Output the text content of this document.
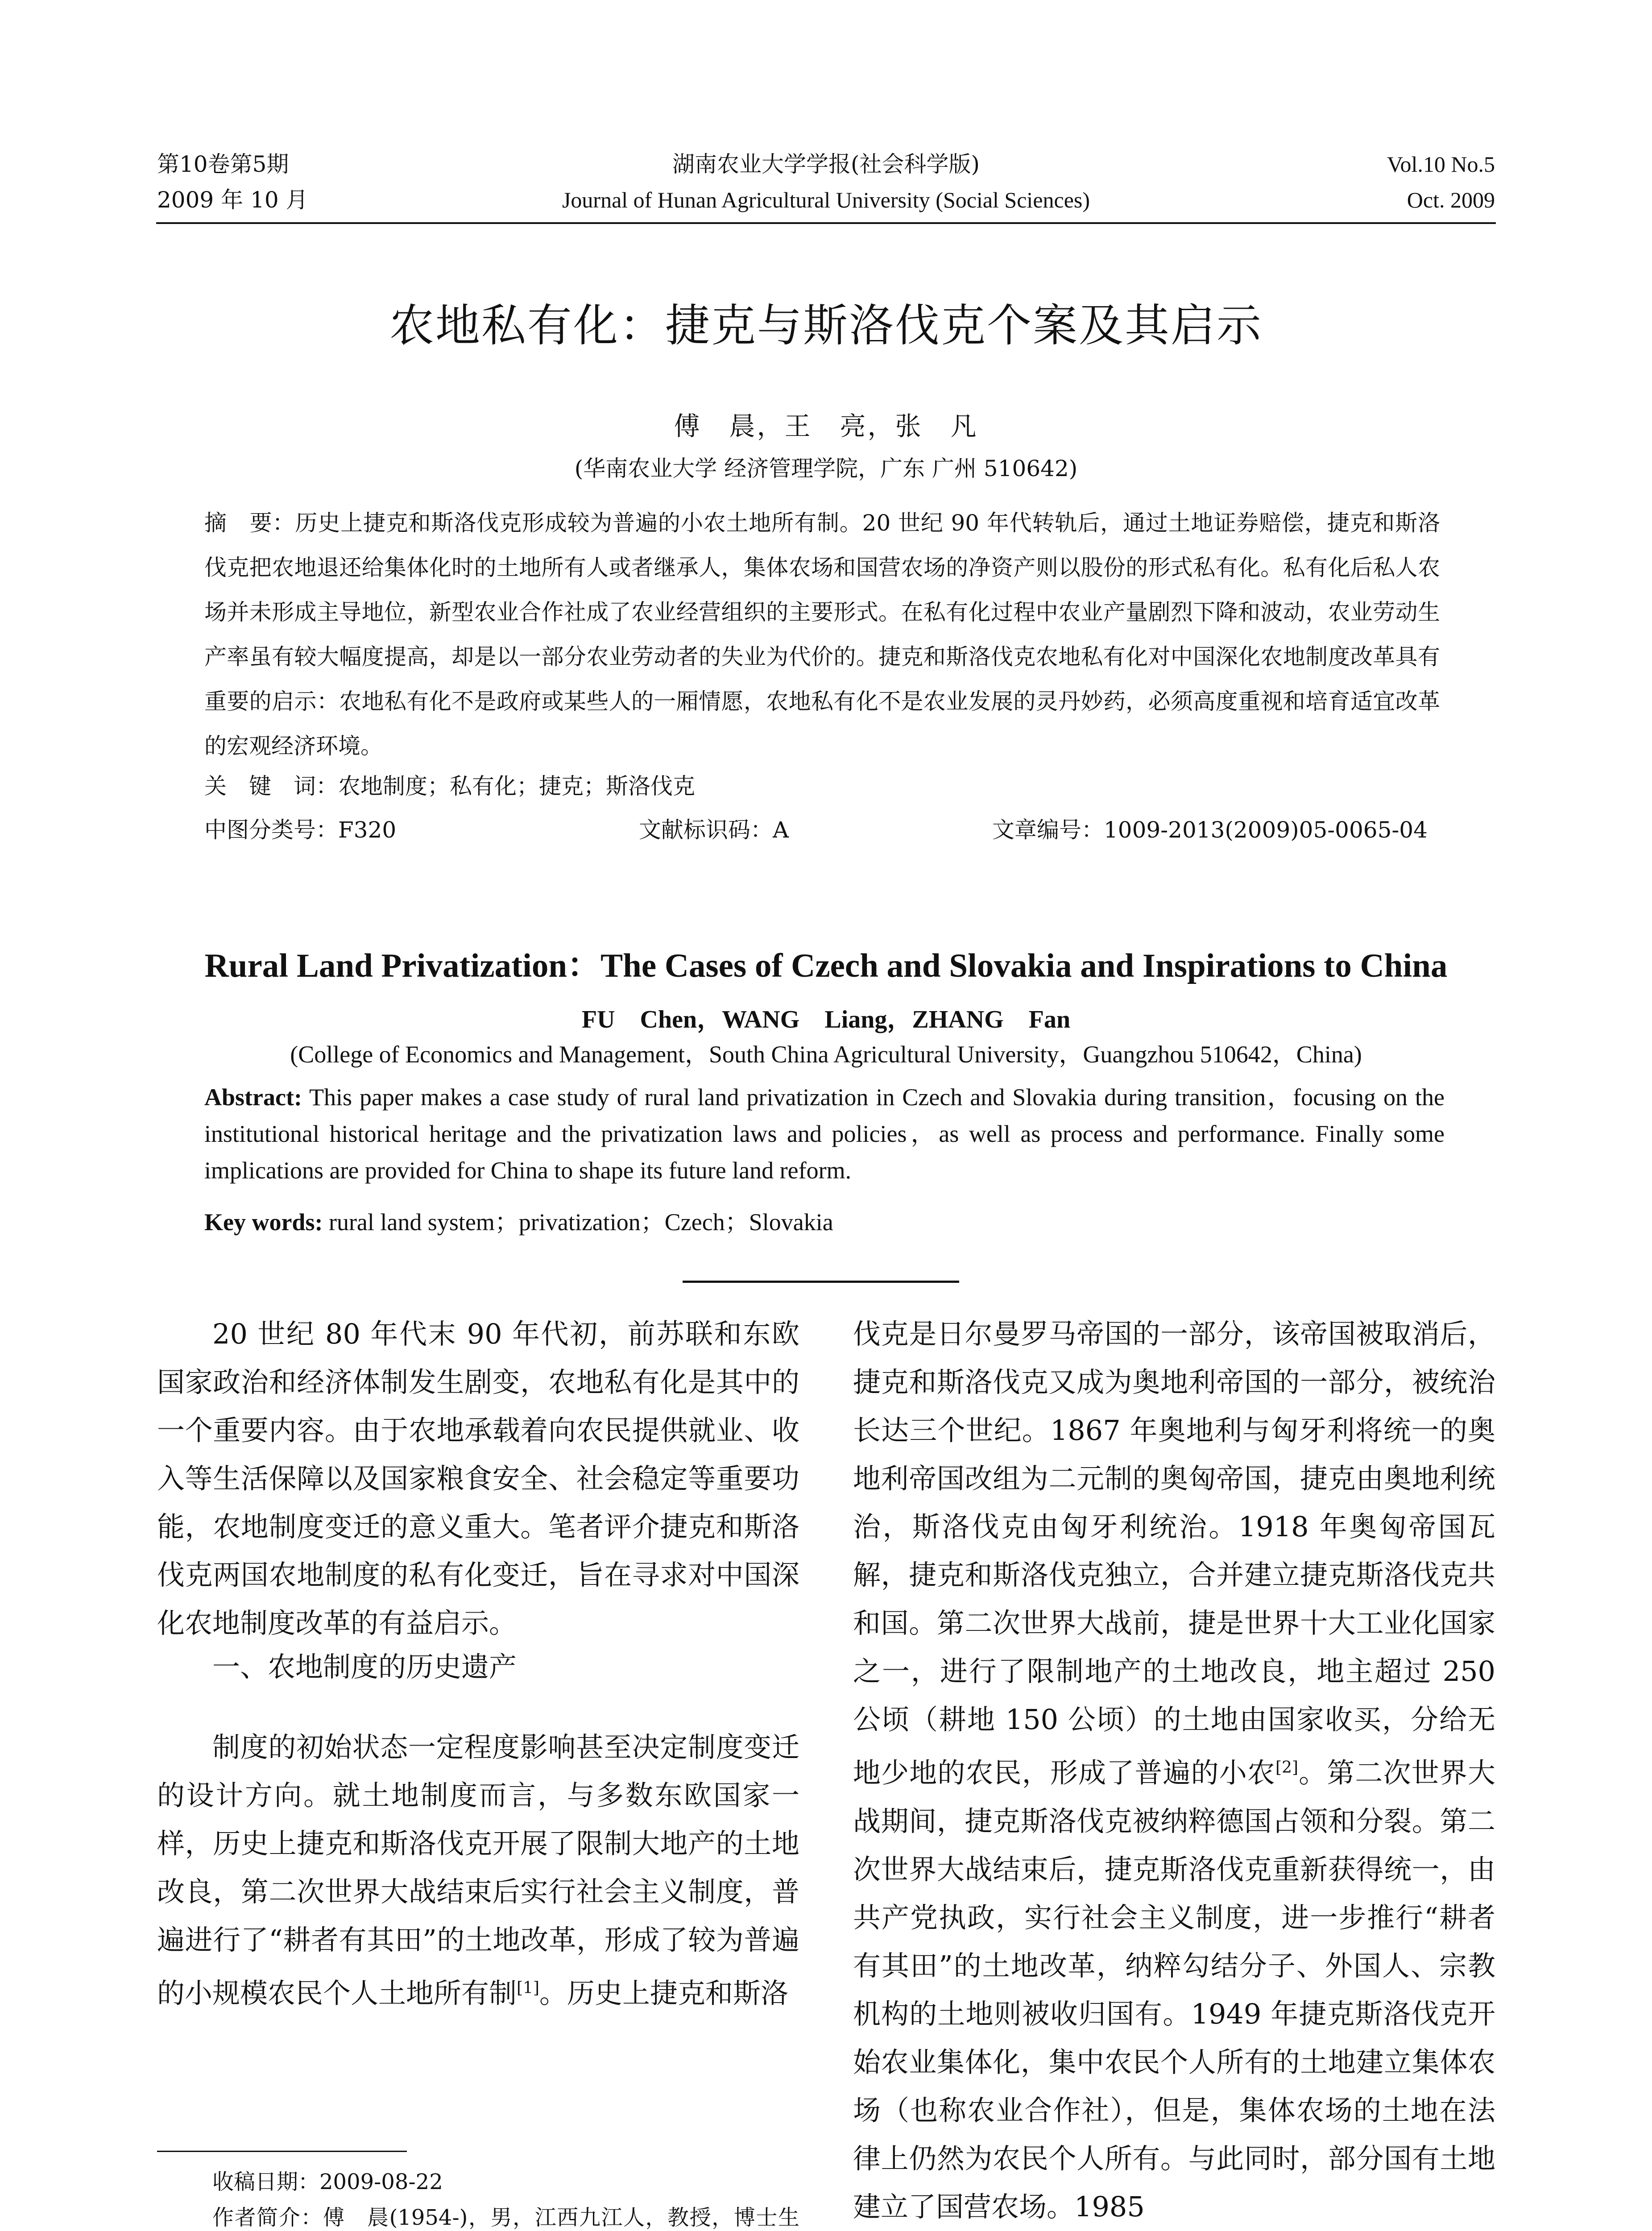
第10卷第5期
2009 年 10 月
湖南农业大学学报(社会科学版)
Journal of Hunan Agricultural University (Social Sciences)
Vol.10 No.5
Oct. 2009
农地私有化：捷克与斯洛伐克个案及其启示
傅　晨，王　亮，张　凡
(华南农业大学 经济管理学院，广东 广州 510642)
摘　要：历史上捷克和斯洛伐克形成较为普遍的小农土地所有制。20 世纪 90 年代转轨后，通过土地证券赔偿，捷克和斯洛伐克把农地退还给集体化时的土地所有人或者继承人，集体农场和国营农场的净资产则以股份的形式私有化。私有化后私人农场并未形成主导地位，新型农业合作社成了农业经营组织的主要形式。在私有化过程中农业产量剧烈下降和波动，农业劳动生产率虽有较大幅度提高，却是以一部分农业劳动者的失业为代价的。捷克和斯洛伐克农地私有化对中国深化农地制度改革具有重要的启示：农地私有化不是政府或某些人的一厢情愿，农地私有化不是农业发展的灵丹妙药，必须高度重视和培育适宜改革的宏观经济环境。
关　键　词：农地制度；私有化；捷克；斯洛伐克
中图分类号：F320	文献标识码：A	文章编号：1009-2013(2009)05-0065-04
Rural Land Privatization：The Cases of Czech and Slovakia and Inspirations to China
FU　Chen，WANG　Liang，ZHANG　Fan
(College of Economics and Management，South China Agricultural University，Guangzhou 510642，China)
Abstract: This paper makes a case study of rural land privatization in Czech and Slovakia during transition，focusing on the institutional historical heritage and the privatization laws and policies，as well as process and performance. Finally some implications are provided for China to shape its future land reform.
Key words: rural land system；privatization；Czech；Slovakia

20 世纪 80 年代末 90 年代初，前苏联和东欧国家政治和经济体制发生剧变，农地私有化是其中的一个重要内容。由于农地承载着向农民提供就业、收入等生活保障以及国家粮食安全、社会稳定等重要功能，农地制度变迁的意义重大。笔者评介捷克和斯洛伐克两国农地制度的私有化变迁，旨在寻求对中国深化农地制度改革的有益启示。

一、农地制度的历史遗产

制度的初始状态一定程度影响甚至决定制度变迁的设计方向。就土地制度而言，与多数东欧国家一样，历史上捷克和斯洛伐克开展了限制大地产的土地改良，第二次世界大战结束后实行社会主义制度，普遍进行了“耕者有其田”的土地改革，形成了较为普遍的小规模农民个人土地所有制[1]。历史上捷克和斯洛

收稿日期：2009-08-22
作者简介：傅　晨(1954-)，男，江西九江人，教授，博士生

伐克是日尔曼罗马帝国的一部分，该帝国被取消后，捷克和斯洛伐克又成为奥地利帝国的一部分，被统治长达三个世纪。1867 年奥地利与匈牙利将统一的奥地利帝国改组为二元制的奥匈帝国，捷克由奥地利统治，斯洛伐克由匈牙利统治。1918 年奥匈帝国瓦解，捷克和斯洛伐克独立，合并建立捷克斯洛伐克共和国。第二次世界大战前，捷是世界十大工业化国家之一，进行了限制地产的土地改良，地主超过 250 公顷（耕地 150 公顷）的土地由国家收买，分给无地少地的农民，形成了普遍的小农[2]。第二次世界大战期间，捷克斯洛伐克被纳粹德国占领和分裂。第二次世界大战结束后，捷克斯洛伐克重新获得统一，由共产党执政，实行社会主义制度，进一步推行“耕者有其田”的土地改革，纳粹勾结分子、外国人、宗教机构的土地则被收归国有。1949 年捷克斯洛伐克开始农业集体化，集中农民个人所有的土地建立集体农场（也称农业合作社），但是，集体农场的土地在法律上仍然为农民个人所有。与此同时，部分国有土地建立了国营农场。1985
